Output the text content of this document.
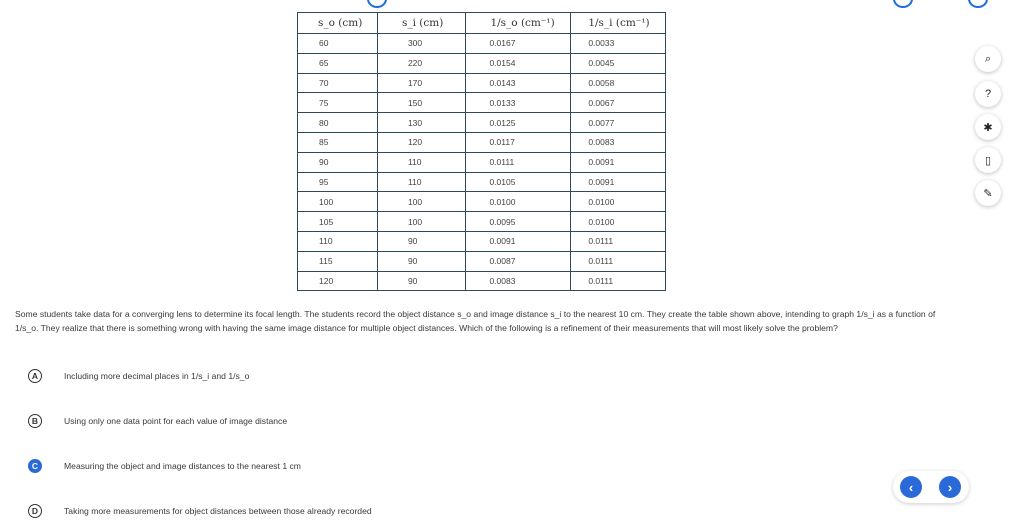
s_o (cm)	s_i (cm)	1/s_o (cm⁻¹)	1/s_i (cm⁻¹)
60	300	0.0167	0.0033
65	220	0.0154	0.0045
70	170	0.0143	0.0058
75	150	0.0133	0.0067
80	130	0.0125	0.0077
85	120	0.0117	0.0083
90	110	0.0111	0.0091
95	110	0.0105	0.0091
100	100	0.0100	0.0100
105	100	0.0095	0.0100
110	90	0.0091	0.0111
115	90	0.0087	0.0111
120	90	0.0083	0.0111

Some students take data for a converging lens to determine its focal length. The students record the object distance s_o and image distance s_i to the nearest 10 cm. They create the table shown above, intending to graph 1/s_i as a function of 1/s_o. They realize that there is something wrong with having the same image distance for multiple object distances. Which of the following is a refinement of their measurements that will most likely solve the problem?

A	Including more decimal places in 1/s_i and 1/s_o
B	Using only one data point for each value of image distance
C	Measuring the object and image distances to the nearest 1 cm
D	Taking more measurements for object distances between those already recorded
⌕
?
✱
▯
✎
‹	›
